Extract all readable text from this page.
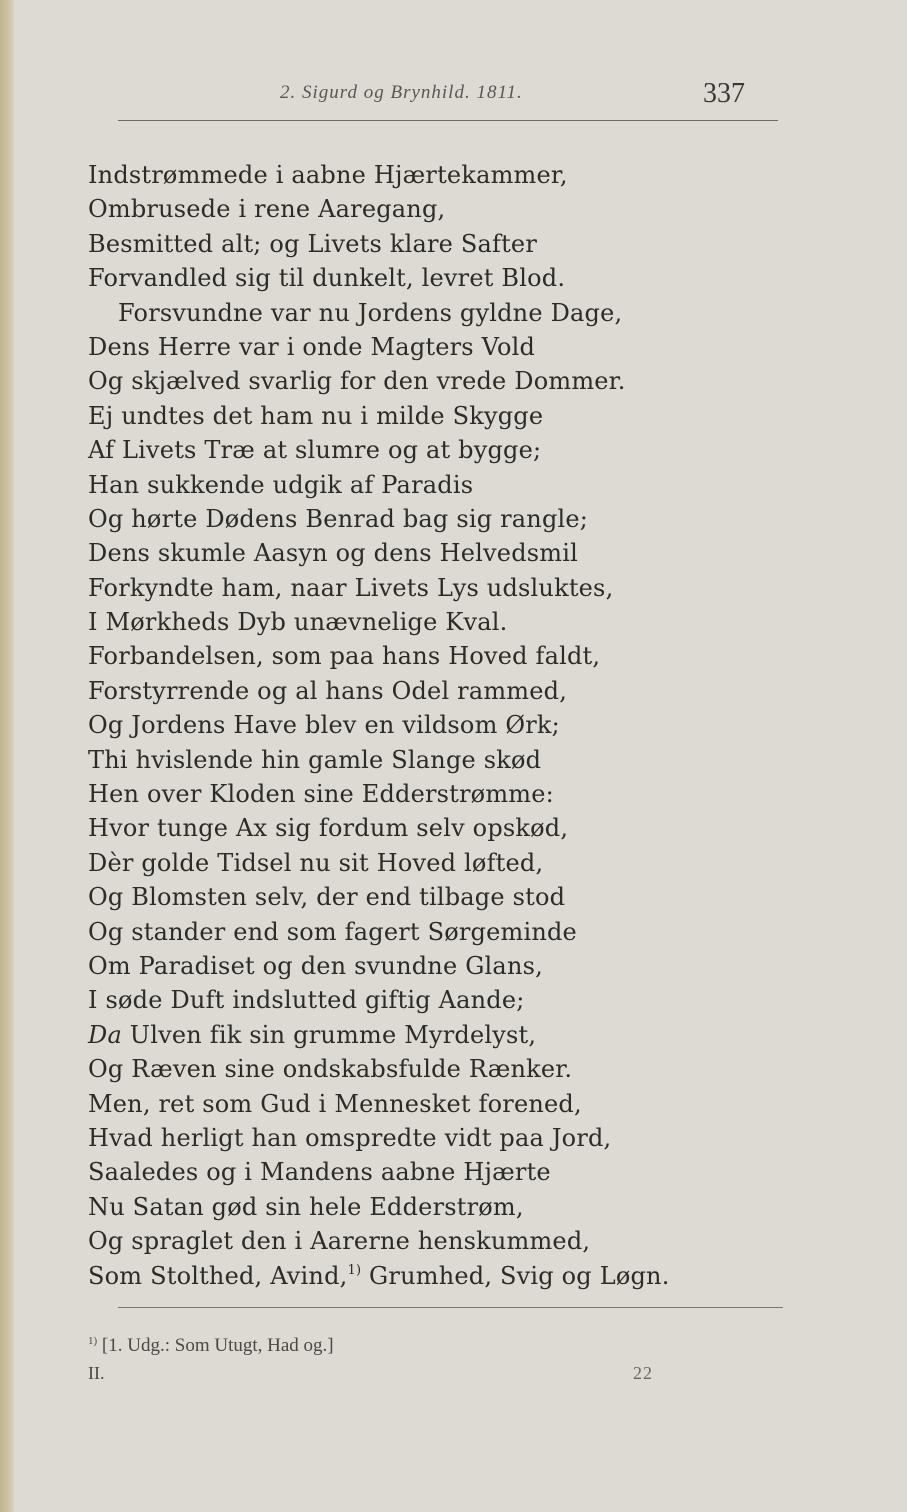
2. Sigurd og Brynhild. 1811.	337
Indstrømmede i aabne Hjærtekammer,
Ombrusede i rene Aaregang,
Besmitted alt; og Livets klare Safter
Forvandled sig til dunkelt, levret Blod.
Forsvundne var nu Jordens gyldne Dage,
Dens Herre var i onde Magters Vold
Og skjælved svarlig for den vrede Dommer.
Ej undtes det ham nu i milde Skygge
Af Livets Træ at slumre og at bygge;
Han sukkende udgik af Paradis
Og hørte Dødens Benrad bag sig rangle;
Dens skumle Aasyn og dens Helvedsmil
Forkyndte ham, naar Livets Lys udsluktes,
I Mørkheds Dyb unævnelige Kval.
Forbandelsen, som paa hans Hoved faldt,
Forstyrrende og al hans Odel rammed,
Og Jordens Have blev en vildsom Ørk;
Thi hvislende hin gamle Slange skød
Hen over Kloden sine Edderstrømme:
Hvor tunge Ax sig fordum selv opskød,
Dèr golde Tidsel nu sit Hoved løfted,
Og Blomsten selv, der end tilbage stod
Og stander end som fagert Sørgeminde
Om Paradiset og den svundne Glans,
I søde Duft indslutted giftig Aande;
Da Ulven fik sin grumme Myrdelyst,
Og Ræven sine ondskabsfulde Rænker.
Men, ret som Gud i Mennesket forened,
Hvad herligt han omspredte vidt paa Jord,
Saaledes og i Mandens aabne Hjærte
Nu Satan gød sin hele Edderstrøm,
Og spraglet den i Aarerne henskummed,
Som Stolthed, Avind,$^{1)}$ Grumhed, Svig og Løgn.
$^{1)}$ [1. Udg.: Som Utugt, Had og.]
II.	22
